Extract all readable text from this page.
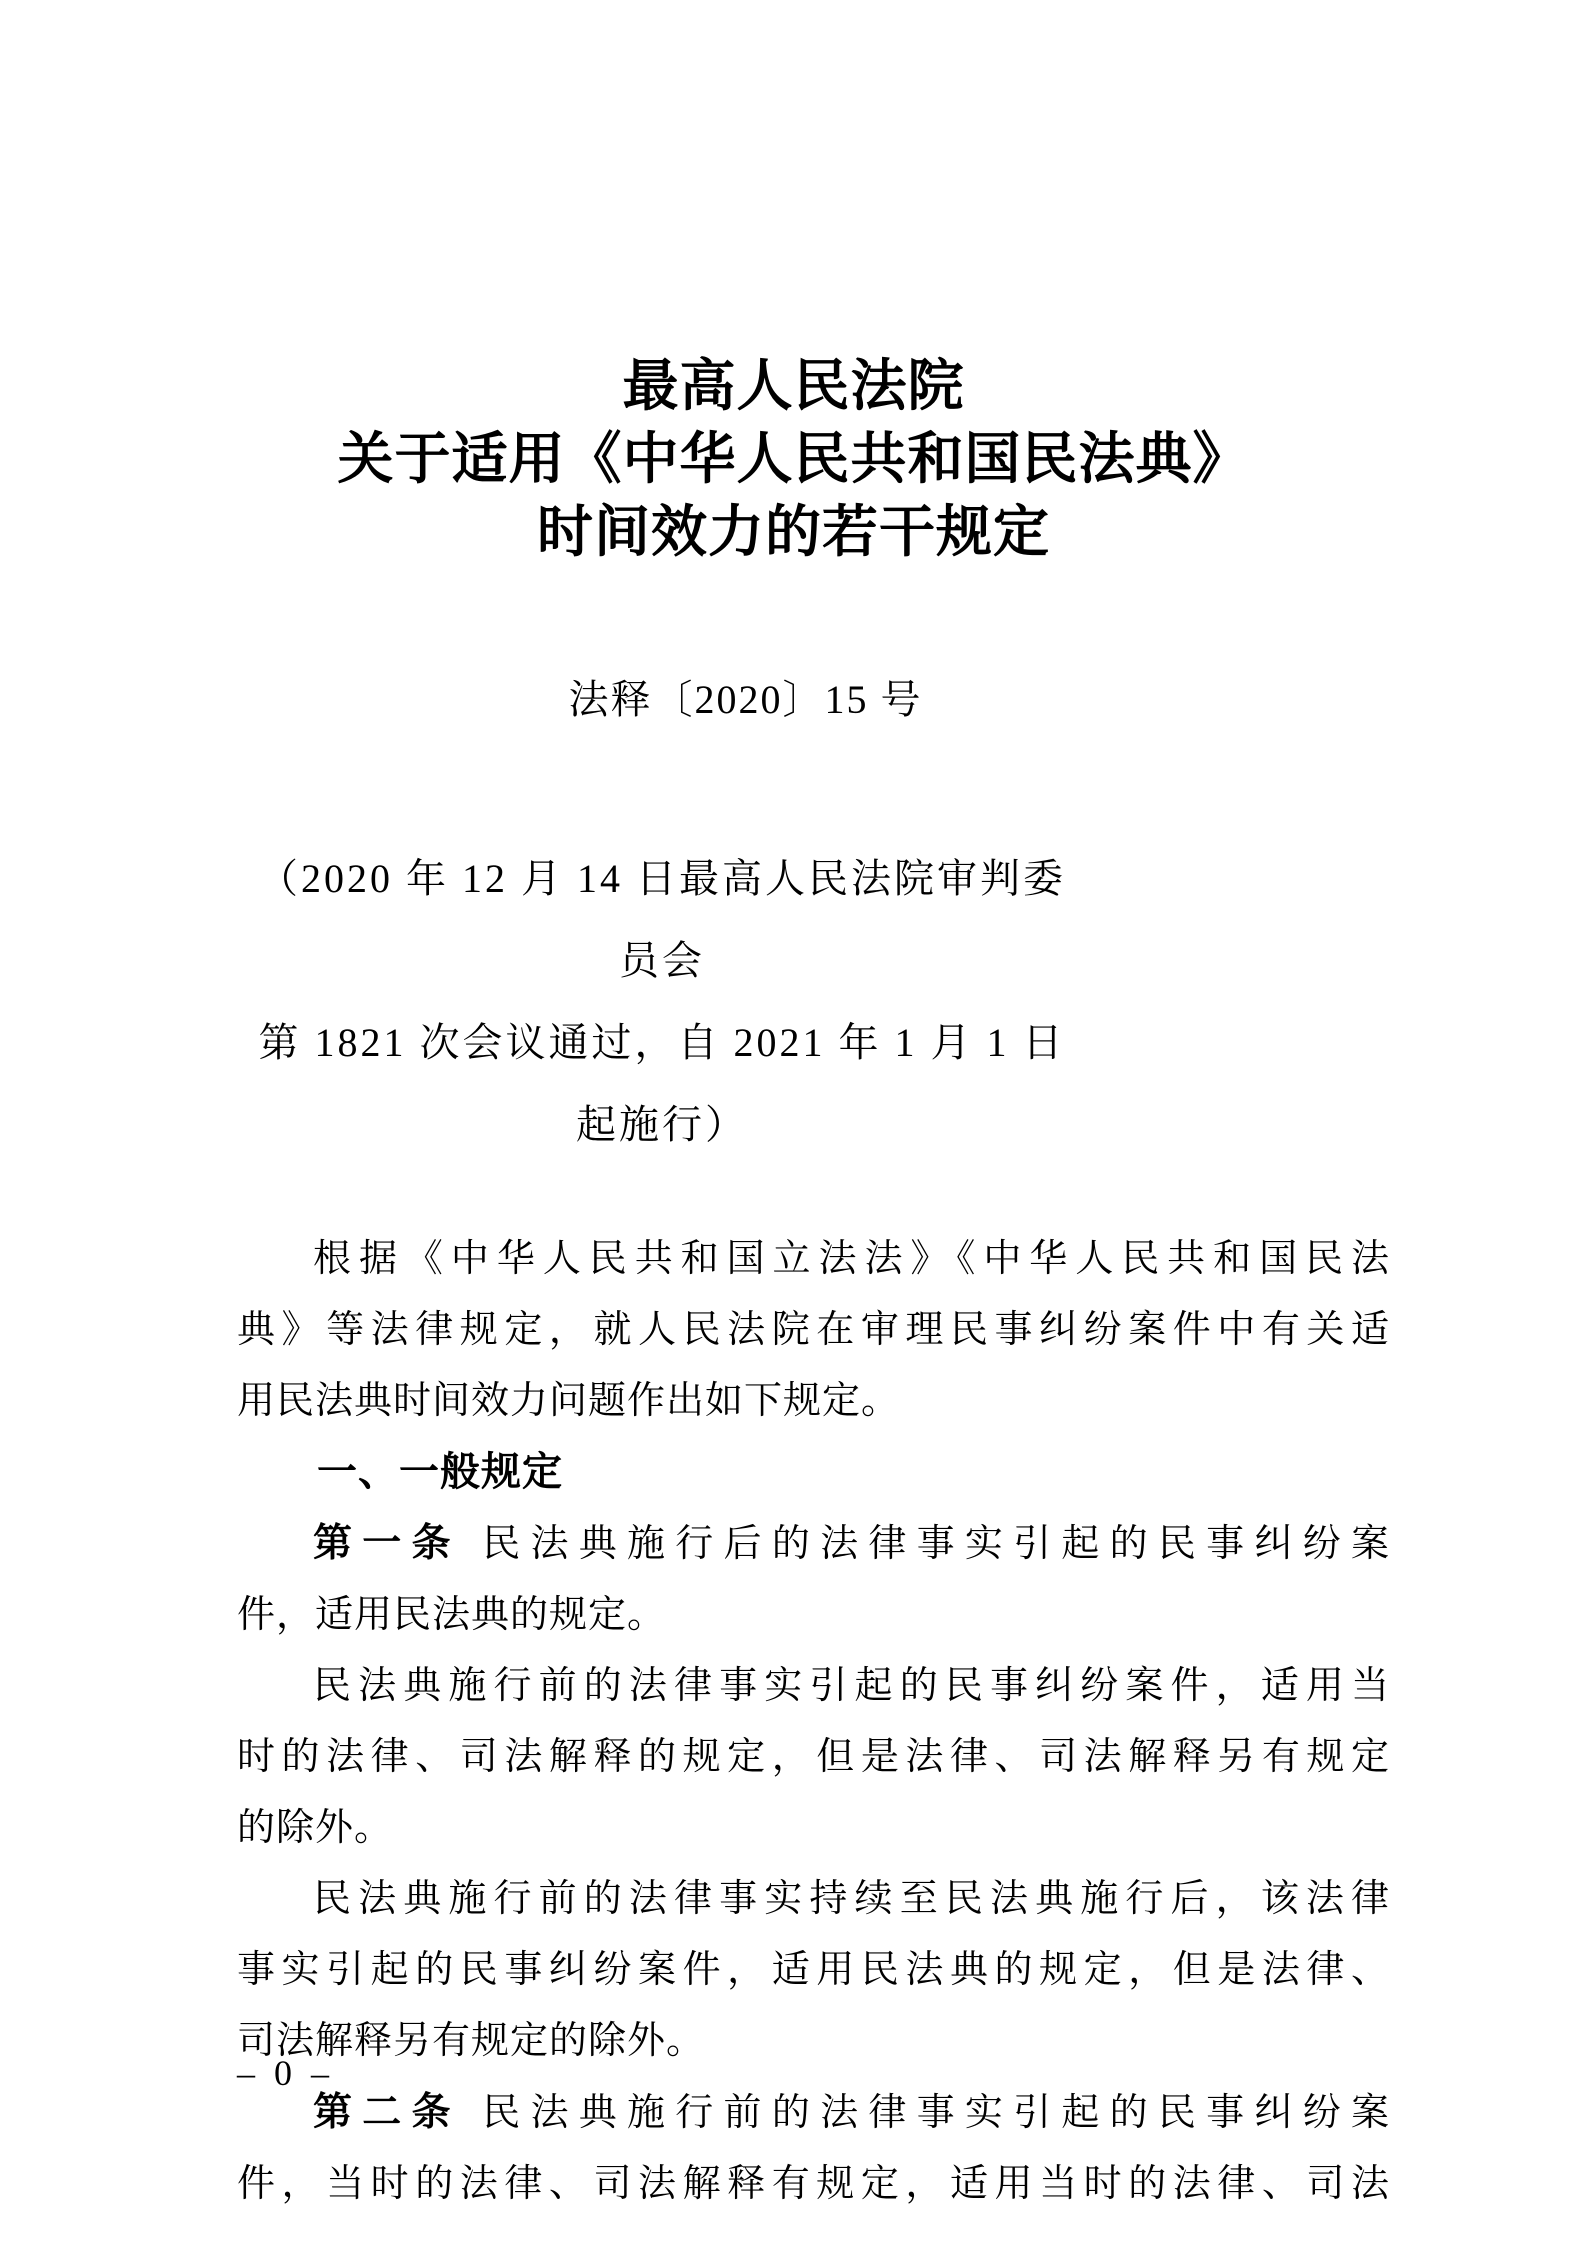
最高人民法院
关于适用《中华人民共和国民法典》
时间效力的若干规定
法释〔2020〕15 号
（2020 年 12 月 14 日最高人民法院审判委员会
第 1821 次会议通过，自 2021 年 1 月 1 日起施行）
根据《中华人民共和国立法法》《中华人民共和国民法
典》等法律规定，就人民法院在审理民事纠纷案件中有关适
用民法典时间效力问题作出如下规定。
一、一般规定
第一条 民法典施行后的法律事实引起的民事纠纷案
件，适用民法典的规定。
民法典施行前的法律事实引起的民事纠纷案件，适用当
时的法律、司法解释的规定，但是法律、司法解释另有规定
的除外。
民法典施行前的法律事实持续至民法典施行后，该法律
事实引起的民事纠纷案件，适用民法典的规定，但是法律、
司法解释另有规定的除外。
第二条 民法典施行前的法律事实引起的民事纠纷案
件，当时的法律、司法解释有规定，适用当时的法律、司法
– 0 –
